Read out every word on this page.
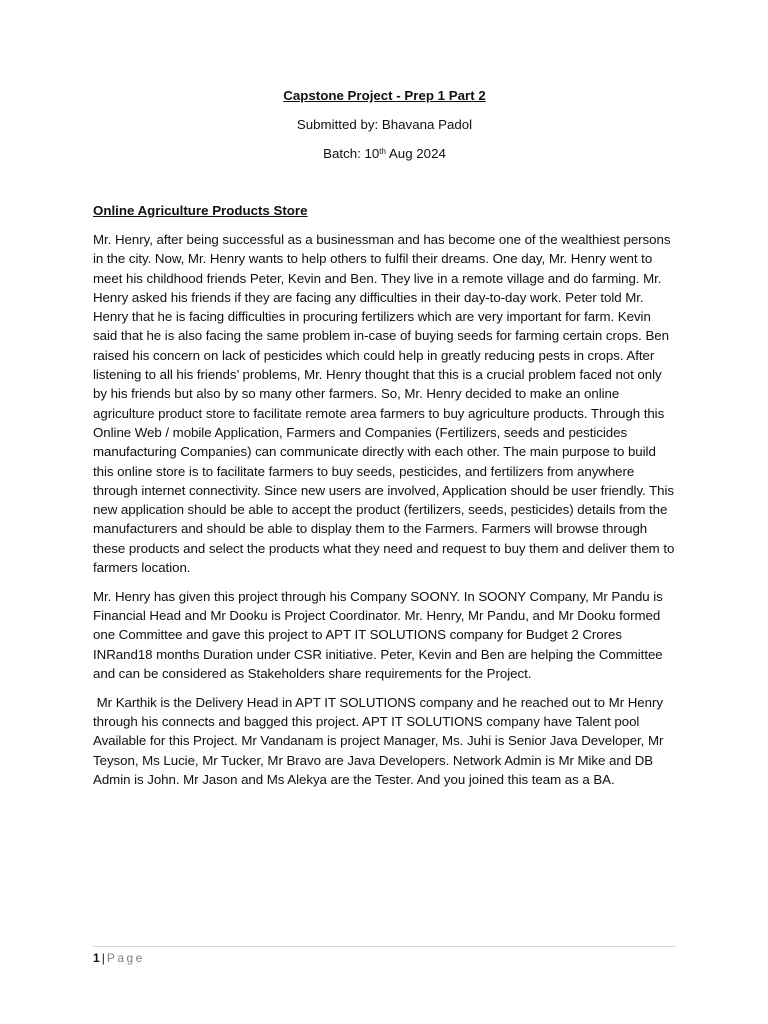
Capstone Project - Prep 1 Part 2
Submitted by: Bhavana Padol
Batch: 10th Aug 2024
Online Agriculture Products Store

Mr. Henry, after being successful as a businessman and has become one of the wealthiest persons in the city. Now, Mr. Henry wants to help others to fulfil their dreams. One day, Mr. Henry went to meet his childhood friends Peter, Kevin and Ben. They live in a remote village and do farming. Mr. Henry asked his friends if they are facing any difficulties in their day-to-day work. Peter told Mr. Henry that he is facing difficulties in procuring fertilizers which are very important for farm. Kevin said that he is also facing the same problem in-case of buying seeds for farming certain crops. Ben raised his concern on lack of pesticides which could help in greatly reducing pests in crops. After listening to all his friends’ problems, Mr. Henry thought that this is a crucial problem faced not only by his friends but also by so many other farmers. So, Mr. Henry decided to make an online agriculture product store to facilitate remote area farmers to buy agriculture products. Through this Online Web / mobile Application, Farmers and Companies (Fertilizers, seeds and pesticides manufacturing Companies) can communicate directly with each other. The main purpose to build this online store is to facilitate farmers to buy seeds, pesticides, and fertilizers from anywhere through internet connectivity. Since new users are involved, Application should be user friendly. This new application should be able to accept the product (fertilizers, seeds, pesticides) details from the manufacturers and should be able to display them to the Farmers. Farmers will browse through these products and select the products what they need and request to buy them and deliver them to farmers location.

Mr. Henry has given this project through his Company SOONY. In SOONY Company, Mr Pandu is Financial Head and Mr Dooku is Project Coordinator. Mr. Henry, Mr Pandu, and Mr Dooku formed one Committee and gave this project to APT IT SOLUTIONS company for Budget 2 Crores INRand18 months Duration under CSR initiative. Peter, Kevin and Ben are helping the Committee and can be considered as Stakeholders share requirements for the Project.

Mr Karthik is the Delivery Head in APT IT SOLUTIONS company and he reached out to Mr Henry through his connects and bagged this project. APT IT SOLUTIONS company have Talent pool Available for this Project. Mr Vandanam is project Manager, Ms. Juhi is Senior Java Developer, Mr Teyson, Ms Lucie, Mr Tucker, Mr Bravo are Java Developers. Network Admin is Mr Mike and DB Admin is John. Mr Jason and Ms Alekya are the Tester. And you joined this team as a BA.

1 | Page
